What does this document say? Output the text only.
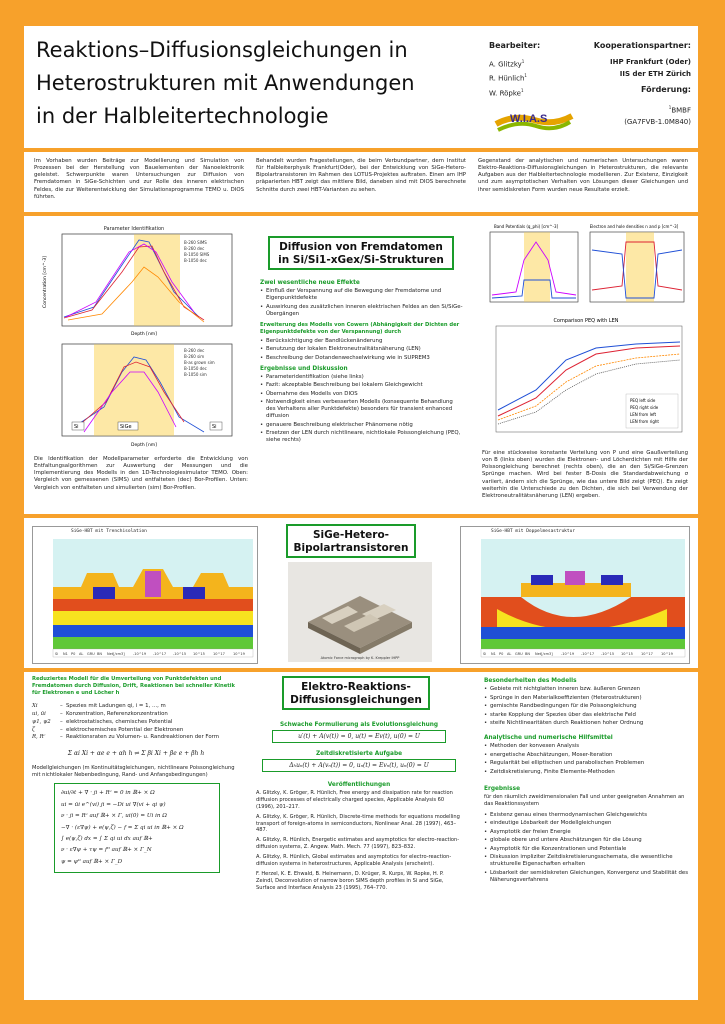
Reaktions–Diffusionsgleichungen in
Heterostrukturen mit Anwendungen
in der Halbleitertechnologie
Bearbeiter:
A. Glitzky$^1$
R. Hünlich$^1$
W. Röpke$^1$
W.I.A.S
Kooperationspartner:
IHP Frankfurt (Oder)
IIS der ETH Zürich
Förderung:
$^1$BMBF
(GA7FVB-1.0M840)
Im Vorhaben wurden Beiträge zur Modellierung und Simulation von Prozessen bei der Herstellung von Bauelementen der Nanoelektronik geleistet. Schwerpunkte waren Untersuchungen zur Diffusion von Fremdatomen in SiGe-Schichten und zur Rolle des inneren elektrischen Feldes, die zur Weiterentwicklung der Simulationsprogramme TEMO u. DIOS führten.
Behandelt wurden Fragestellungen, die beim Verbundpartner, dem Institut für Halbleiterphysik Frankfurt(Oder), bei der Entwicklung von SiGe-Hetero-Bipolartransistoren im Rahmen des LOTUS-Projektes auftraten. Einen am IHP präparierten HBT zeigt das mittlere Bild, daneben sind mit DIOS berechnete Schnitte durch zwei HBT-Varianten zu sehen.
Gegenstand der analytischen und numerischen Untersuchungen waren Elektro-Reaktions-Diffusionsgleichungen in Heterostrukturen, die relevante Aufgaben aus der Halbleitertechnologie modellieren. Zur Existenz, Einzigkeit und zum asymptotischen Verhalten von Lösungen dieser Gleichungen und ihrer semidiskreten Form wurden neue Resultate erzielt.
Parameter Identifikation
B-260 SIMS
B-260 dec
B-1050 SIMS
B-1050 dec
Depth [nm]
Concentration [cm^-3]
B-260 dec
B-260 sim
B-as grown sim
B-1050 dec
B-1050 sim
Si	SiGe	Si
Depth [nm]
Die Identifikation der Modellparameter erforderte die Entwicklung von Entfaltungsalgorithmen zur Auswertung der Messungen und die Implementierung des Modells in den 1D-Technologiesimulator TEMO. Oben: Vergleich von gemessenen (SIMS) und entfalteten (dec) Bor-Profilen. Unten: Vergleich von entfalteten und simulierten (sim) Bor-Profilen.
Diffusion von Fremdatomen
in Si/Si1-xGex/Si-Strukturen
Zwei wesentliche neue Effekte
• Einfluß der Verspannung auf die Bewegung der Fremdatome und Eigenpunktdefekte
• Auswirkung des zusätzlichen inneren elektrischen Feldes an den Si/SiGe-Übergängen
Erweiterung des Modells von Cowern (Abhängigkeit der Dichten der Eigenpunktdefekte von der Verspannung) durch
• Berücksichtigung der Bandlückenänderung
• Benutzung der lokalen Elektroneutralitätsnäherung (LEN)
• Beschreibung der Dotandenwechselwirkung wie in SUPREM3
Ergebnisse und Diskussion
• Parameteridentifikation (siehe links)
• Fazit: akzeptable Beschreibung bei lokalem Gleichgewicht
• Übernahme des Modells von DIOS
• Notwendigkeit eines verbesserten Modells (konsequente Behandlung des Verhaltens aller Punktdefekte) besonders für transient enhanced diffusion
• genauere Beschreibung elektrischer Phänomene nötig
• Ersetzen der LEN durch nichtlineare, nichtlokale Poissongleichung (PEQ, siehe rechts)
Band Potentials (q_phi) [cm^-3]	Electron and hole densities n and p [cm^-3]
Comparison PEQ with LEN
PEQ left side
PEQ right side
LEN from left
LEN from right
Für eine stückweise konstante Verteilung von P und eine Gaußverteilung von B (links oben) wurden die Elektronen- und Löcherdichten mit Hilfe der Poissongleichung berechnet (rechts oben), die an den Si/SiGe-Grenzen Sprünge machen. Wird bei fester B-Dosis die Standardabweichung σ variiert, ändern sich die Sprünge, wie das untere Bild zeigt (PEQ). Es zeigt weiterhin die Unterschiede zu den Dichten, die sich bei Verwendung der Elektroneutralitätsnäherung (LEN) ergeben.
SiGe-HBT mit Trenchisolation
Si N1 P0 AL GRU BN Net[/cm3] -10^19 -10^17 -10^15 10^15 10^17 10^19
SiGe-Hetero-
Bipolartransistoren
Atomic Force micrograph by K. Kreppler IHPP
SiGe-HBT mit Doppelmesastruktur
Si N1 P0 AL GRU BN Net[/cm3] -10^19 -10^17 -10^15 10^15 10^17 10^19
Reduziertes Modell für die Umverteilung von Punktdefekten und Fremdatomen durch Diffusion, Drift, Reaktionen bei schneller Kinetik für Elektronen e und Löcher h
Xi	– Spezies mit Ladungen qi, i = 1, ..., m
ui, ūi	– Konzentration, Referenzkonzentration
ψ1, ψ2	– elektrostatisches, chemisches Potential
ζ	– elektrochemisches Potential der Elektronen
R, Rᶜ	– Reaktionsraten zu Volumen- u. Randreaktionen der Form
Σ αi Xi + αe e + αh h ⇌ Σ βi Xi + βe e + βh h
Modellgleichungen (m Kontinuitätsgleichungen, nichtlineare Poissongleichung mit nichtlokaler Nebenbedingung, Rand- und Anfangsbedingungen)
∂ui/∂t + ∇ · ji + Rᶜ = 0 in ℝ+ × Ω
ui = ūi e^(vi) ji = −Di ui ∇(vi + qi ψ)
ν · ji = Rᶜ auf ℝ+ × Γ, ui(0) = Ui in Ω
−∇ · (ε∇ψ) + e(ψ,ζ) − f = Σ qi ui in ℝ+ × Ω
∫ e(ψ,ζ) dx = ∫ Σ qi ui dx auf ℝ+
ν · ε∇ψ + τψ = fᴳ auf ℝ+ × Γ_N
ψ = ψᴰ auf ℝ+ × Γ_D
Elektro-Reaktions-
Diffusionsgleichungen
Schwache Formulierung als Evolutionsgleichung
u′(t) + A(v(t)) = 0, u(t) = Ev(t), u(0) = U
Zeitdiskretisierte Aufgabe
Δₕuₙ(t) + A(vₙ(t)) = 0, uₙ(t) = Evₙ(t), uₙ(0) = U
Veröffentlichungen
A. Glitzky, K. Gröger, R. Hünlich, Free energy and dissipation rate for reaction diffusion processes of electrically charged species, Applicable Analysis 60 (1996), 201–217.
A. Glitzky, K. Gröger, R. Hünlich, Discrete-time methods for equations modelling transport of foreign-atoms in semiconductors, Nonlinear Anal. 28 (1997), 463–487.
A. Glitzky, R. Hünlich, Energetic estimates and asymptotics for electro-reaction-diffusion systems, Z. Angew. Math. Mech. 77 (1997), 823–832.
A. Glitzky, R. Hünlich, Global estimates and asymptotics for electro-reaction-diffusion systems in heterostructures, Applicable Analysis (erscheint).
F. Herzel, K. E. Ehwald, B. Heinemann, D. Krüger, R. Kurps, W. Ropke, H. P. Zeindl, Deconvolution of narrow boron SIMS depth profiles in Si and SiGe, Surface and Interface Analysis 23 (1995), 764–770.
Besonderheiten des Modells
• Gebiete mit nichtglatten inneren bzw. äußeren Grenzen
• Sprünge in den Materialkoeffizienten (Heterostrukturen)
• gemischte Randbedingungen für die Poissongleichung
• starke Kopplung der Spezies über das elektrische Feld
• steife Nichtlinearitäten durch Reaktionen hoher Ordnung
Analytische und numerische Hilfsmittel
• Methoden der konvexen Analysis
• energetische Abschätzungen, Moser-Iteration
• Regularität bei elliptischen und parabolischen Problemen
• Zeitdiskretisierung, Finite Elemente-Methoden
Ergebnisse
für den räumlich zweidimensionalen Fall und unter geeigneten Annahmen an das Reaktionssystem
• Existenz genau eines thermodynamischen Gleichgewichts
• eindeutige Lösbarkeit der Modellgleichungen
• Asymptotik der freien Energie
• globale obere und untere Abschätzungen für die Lösung
• Asymptotik für die Konzentrationen und Potentiale
• Diskussion impliziter Zeitdiskretisierungsschemata, die wesentliche strukturelle Eigenschaften erhalten
• Lösbarkeit der semidiskreten Gleichungen, Konvergenz und Stabilität des Näherungsverfahrens
